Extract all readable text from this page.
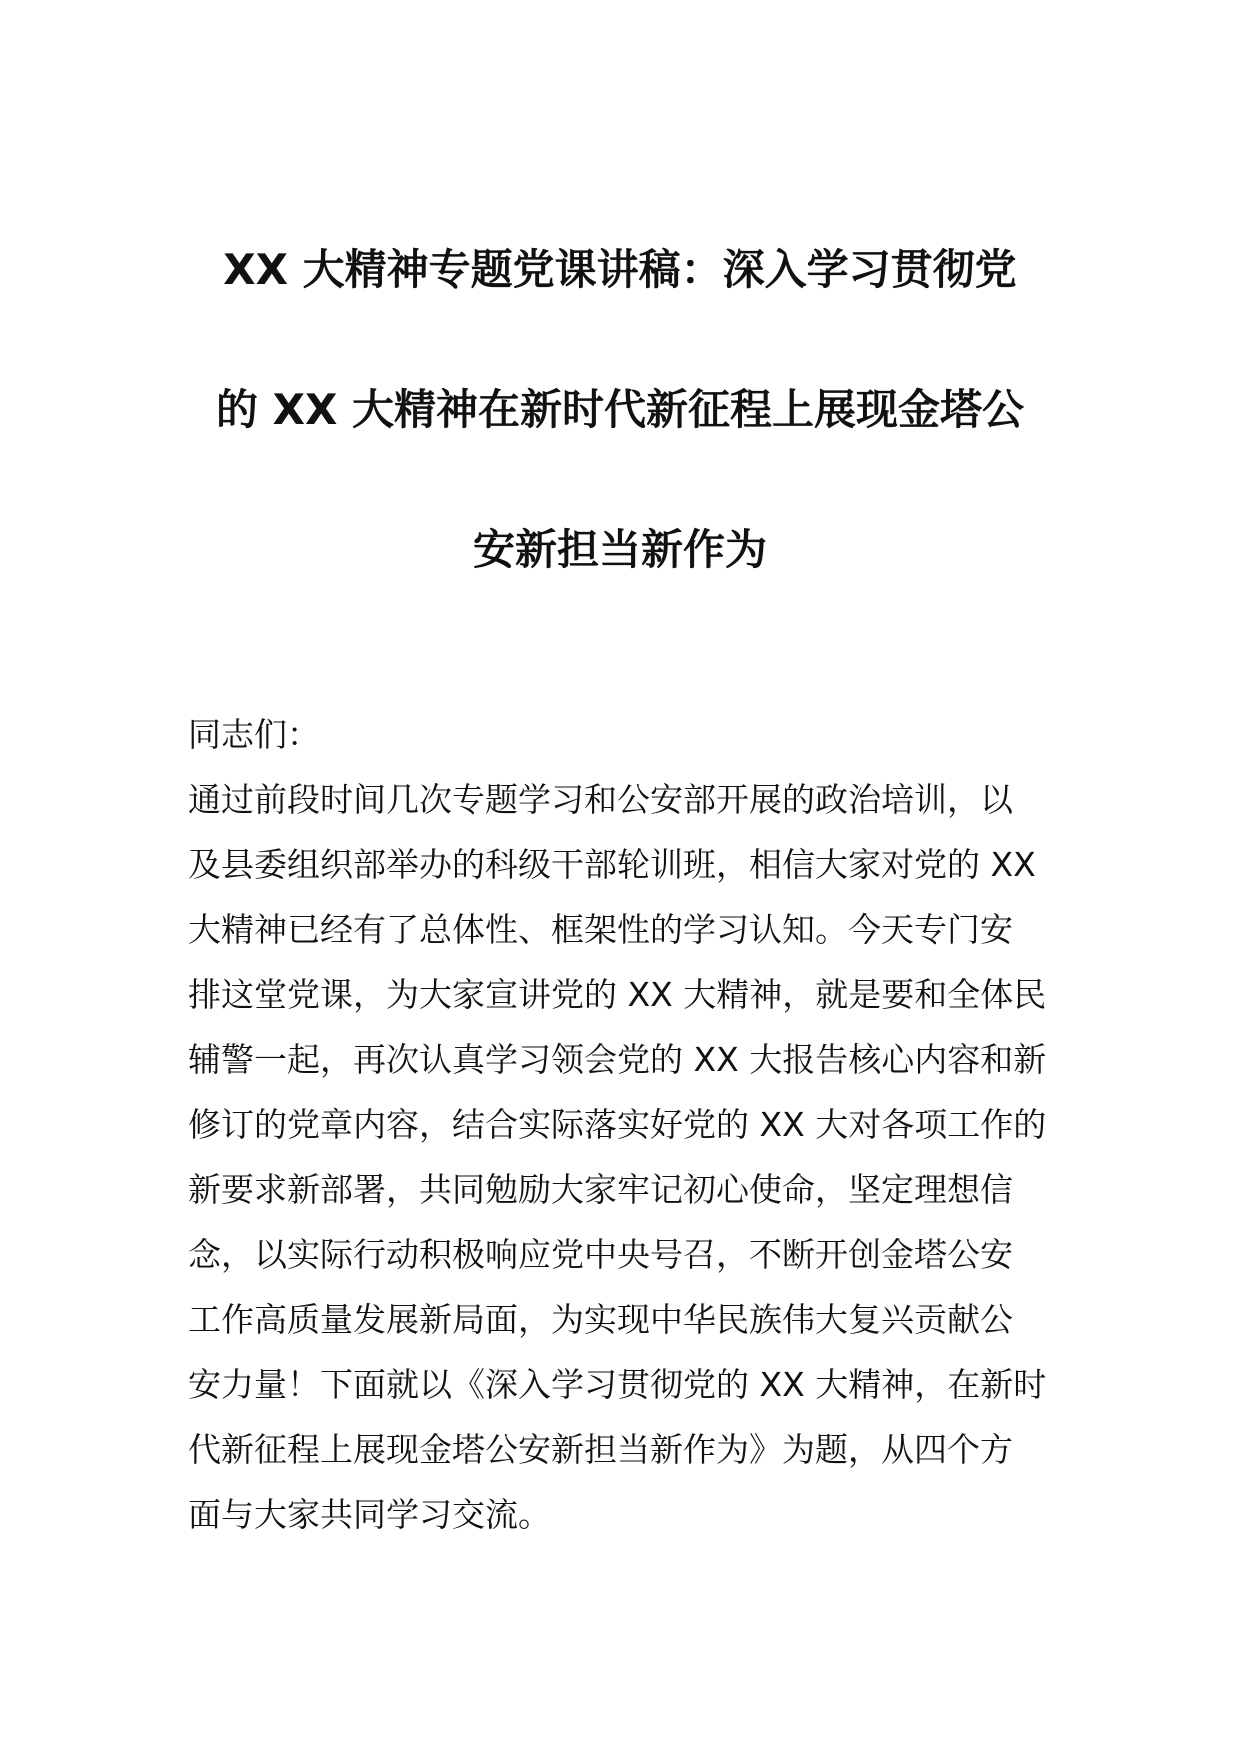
XX 大精神专题党课讲稿：深入学习贯彻党
的 XX 大精神在新时代新征程上展现金塔公
安新担当新作为

同志们：

通过前段时间几次专题学习和公安部开展的政治培训，以
及县委组织部举办的科级干部轮训班，相信大家对党的 XX
大精神已经有了总体性、框架性的学习认知。今天专门安
排这堂党课，为大家宣讲党的 XX 大精神，就是要和全体民
辅警一起，再次认真学习领会党的 XX 大报告核心内容和新
修订的党章内容，结合实际落实好党的 XX 大对各项工作的
新要求新部署，共同勉励大家牢记初心使命，坚定理想信
念，以实际行动积极响应党中央号召，不断开创金塔公安
工作高质量发展新局面，为实现中华民族伟大复兴贡献公
安力量！下面就以《深入学习贯彻党的 XX 大精神，在新时
代新征程上展现金塔公安新担当新作为》为题，从四个方
面与大家共同学习交流。
